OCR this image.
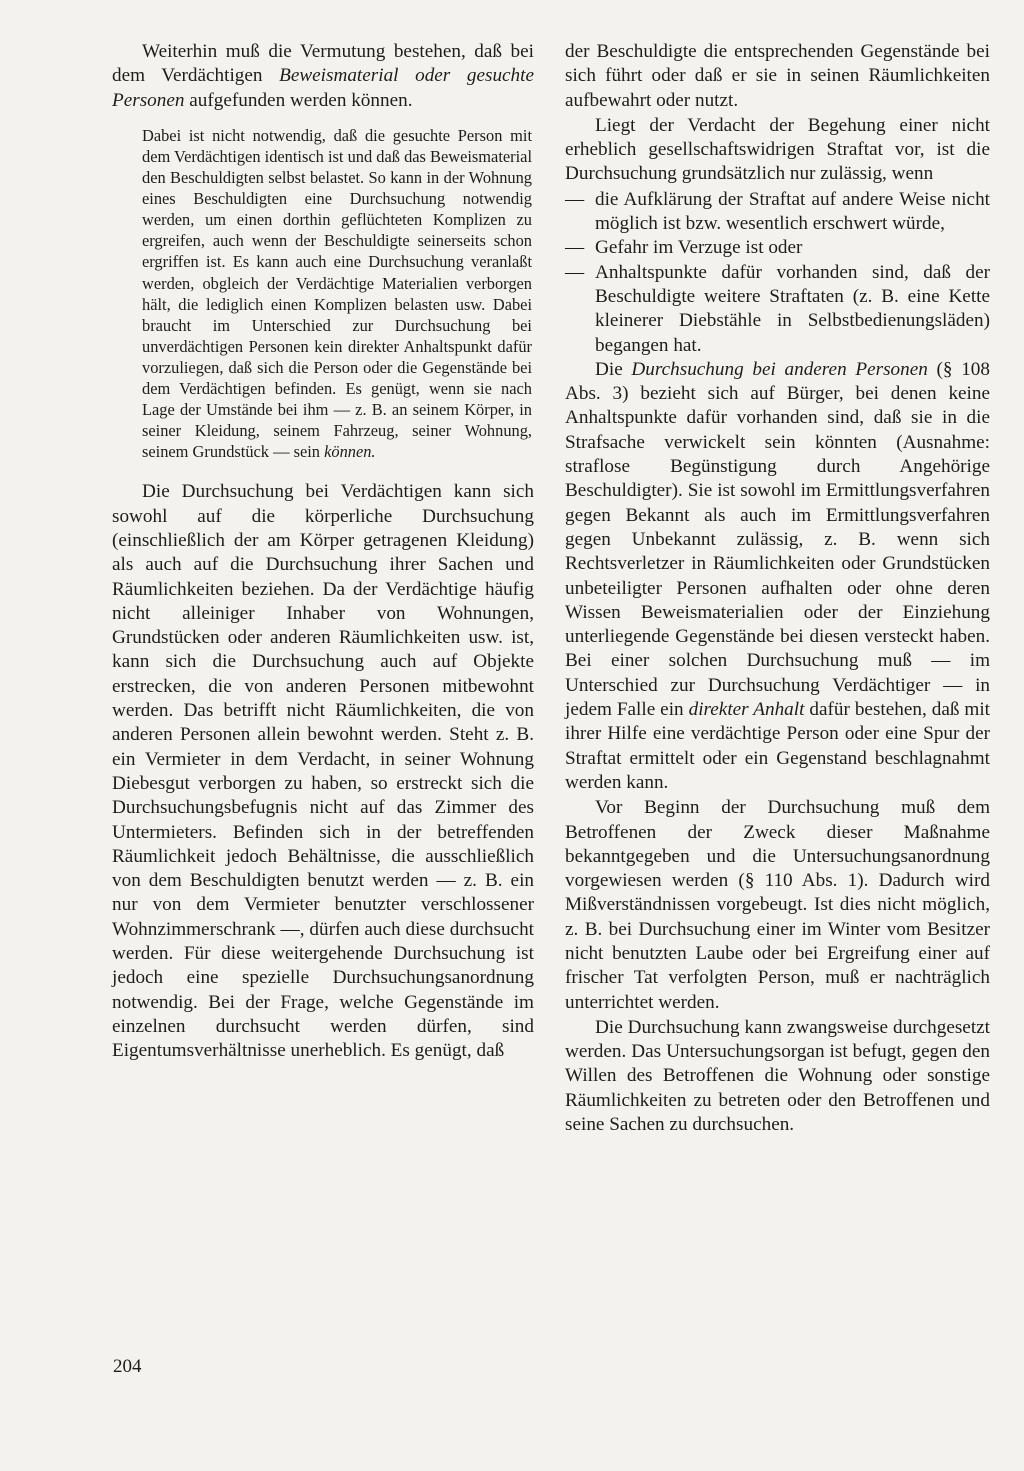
Weiterhin muß die Vermutung bestehen, daß bei dem Verdächtigen Beweismaterial oder gesuchte Personen aufgefunden werden können.

Dabei ist nicht notwendig, daß die gesuchte Person mit dem Verdächtigen identisch ist und daß das Beweismaterial den Beschuldigten selbst belastet. So kann in der Wohnung eines Beschuldigten eine Durchsuchung notwendig werden, um einen dorthin geflüchteten Komplizen zu ergreifen, auch wenn der Beschuldigte seinerseits schon ergriffen ist. Es kann auch eine Durchsuchung veranlaßt werden, obgleich der Verdächtige Materialien verborgen hält, die lediglich einen Komplizen belasten usw. Dabei braucht im Unterschied zur Durchsuchung bei unverdächtigen Personen kein direkter Anhaltspunkt dafür vorzuliegen, daß sich die Person oder die Gegenstände bei dem Verdächtigen befinden. Es genügt, wenn sie nach Lage der Umstände bei ihm — z. B. an seinem Körper, in seiner Kleidung, seinem Fahrzeug, seiner Wohnung, seinem Grundstück — sein können.

Die Durchsuchung bei Verdächtigen kann sich sowohl auf die körperliche Durchsuchung (einschließlich der am Körper getragenen Kleidung) als auch auf die Durchsuchung ihrer Sachen und Räumlichkeiten beziehen. Da der Verdächtige häufig nicht alleiniger Inhaber von Wohnungen, Grundstücken oder anderen Räumlichkeiten usw. ist, kann sich die Durchsuchung auch auf Objekte erstrecken, die von anderen Personen mitbewohnt werden. Das betrifft nicht Räumlichkeiten, die von anderen Personen allein bewohnt werden. Steht z. B. ein Vermieter in dem Verdacht, in seiner Wohnung Diebesgut verborgen zu haben, so erstreckt sich die Durchsuchungsbefugnis nicht auf das Zimmer des Untermieters. Befinden sich in der betreffenden Räumlichkeit jedoch Behältnisse, die ausschließlich von dem Beschuldigten benutzt werden — z. B. ein nur von dem Vermieter benutzter verschlossener Wohnzimmerschrank —, dürfen auch diese durchsucht werden. Für diese weitergehende Durchsuchung ist jedoch eine spezielle Durchsuchungsanordnung notwendig. Bei der Frage, welche Gegenstände im einzelnen durchsucht werden dürfen, sind Eigentumsverhältnisse unerheblich. Es genügt, daß

der Beschuldigte die entsprechenden Gegenstände bei sich führt oder daß er sie in seinen Räumlichkeiten aufbewahrt oder nutzt.

Liegt der Verdacht der Begehung einer nicht erheblich gesellschaftswidrigen Straftat vor, ist die Durchsuchung grundsätzlich nur zulässig, wenn

— die Aufklärung der Straftat auf andere Weise nicht möglich ist bzw. wesentlich erschwert würde,
— Gefahr im Verzuge ist oder
— Anhaltspunkte dafür vorhanden sind, daß der Beschuldigte weitere Straftaten (z. B. eine Kette kleinerer Diebstähle in Selbstbedienungsläden) begangen hat.

Die Durchsuchung bei anderen Personen (§ 108 Abs. 3) bezieht sich auf Bürger, bei denen keine Anhaltspunkte dafür vorhanden sind, daß sie in die Strafsache verwickelt sein könnten (Ausnahme: straflose Begünstigung durch Angehörige Beschuldigter). Sie ist sowohl im Ermittlungsverfahren gegen Bekannt als auch im Ermittlungsverfahren gegen Unbekannt zulässig, z. B. wenn sich Rechtsverletzer in Räumlichkeiten oder Grundstücken unbeteiligter Personen aufhalten oder ohne deren Wissen Beweismaterialien oder der Einziehung unterliegende Gegenstände bei diesen versteckt haben. Bei einer solchen Durchsuchung muß — im Unterschied zur Durchsuchung Verdächtiger — in jedem Falle ein direkter Anhalt dafür bestehen, daß mit ihrer Hilfe eine verdächtige Person oder eine Spur der Straftat ermittelt oder ein Gegenstand beschlagnahmt werden kann.

Vor Beginn der Durchsuchung muß dem Betroffenen der Zweck dieser Maßnahme bekanntgegeben und die Untersuchungsanordnung vorgewiesen werden (§ 110 Abs. 1). Dadurch wird Mißverständnissen vorgebeugt. Ist dies nicht möglich, z. B. bei Durchsuchung einer im Winter vom Besitzer nicht benutzten Laube oder bei Ergreifung einer auf frischer Tat verfolgten Person, muß er nachträglich unterrichtet werden.

Die Durchsuchung kann zwangsweise durchgesetzt werden. Das Untersuchungsorgan ist befugt, gegen den Willen des Betroffenen die Wohnung oder sonstige Räumlichkeiten zu betreten oder den Betroffenen und seine Sachen zu durchsuchen.

204
